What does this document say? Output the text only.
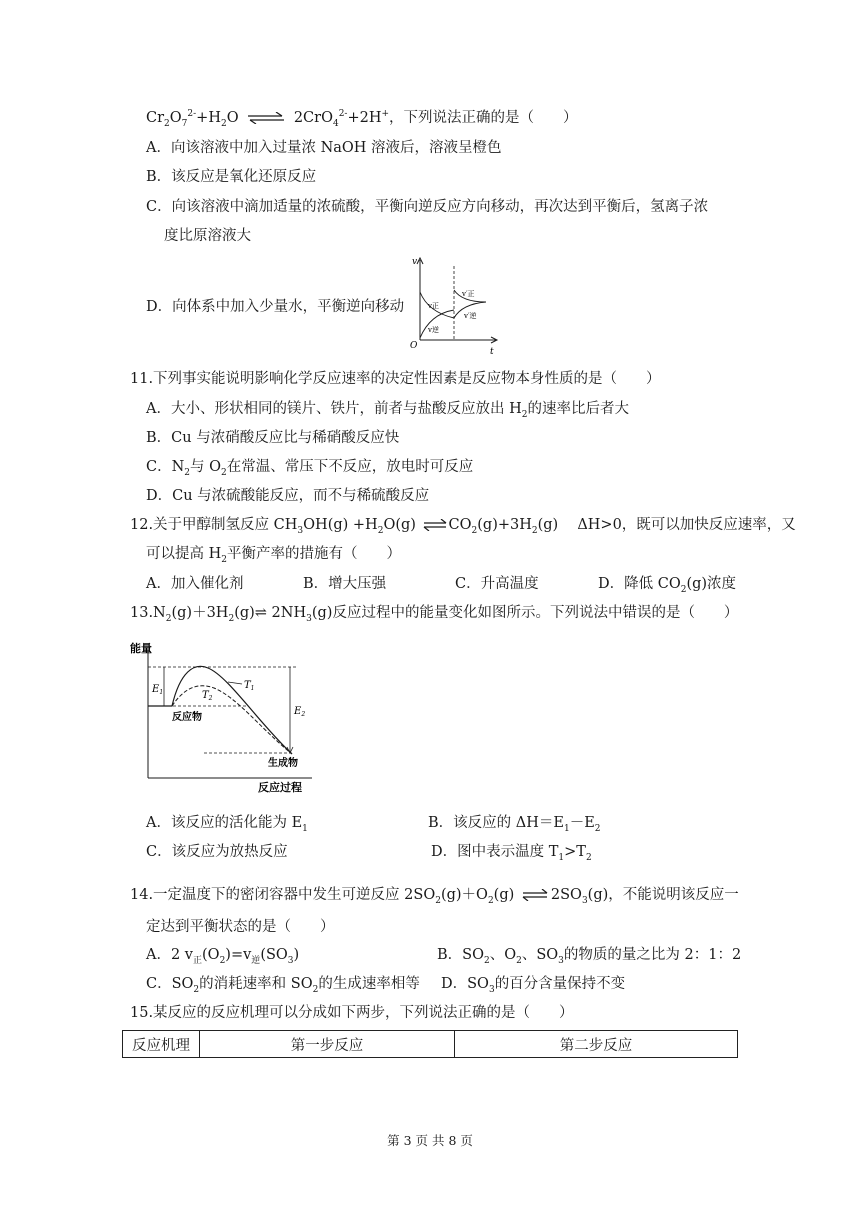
$Cr_2O_7^{2-}+H_2O$ ⇌ 2CrO$_4^{2-}$+2H+，下列说法正确的是（　　）
A．向该溶液中加入过量浓 NaOH 溶液后，溶液呈橙色
B．该反应是氧化还原反应
C．向该溶液中滴加适量的浓硫酸，平衡向逆反应方向移动，再次达到平衡后，氢离子浓
度比原溶液大
D．向体系中加入少量水，平衡逆向移动
v
t
O
v正
v逆
v′正
v′逆
11.下列事实能说明影响化学反应速率的决定性因素是反应物本身性质的是（　　）
A．大小、形状相同的镁片、铁片，前者与盐酸反应放出 $H_2$的速率比后者大
B．Cu 与浓硝酸反应比与稀硝酸反应快
C．$N_2$与 $O_2$在常温、常压下不反应，放电时可反应
D．Cu 与浓硫酸能反应，而不与稀硫酸反应
12.关于甲醇制氢反应 $CH_3OH(g) +H_2O(g)$ $\rightleftharpoons CO_2(g)+3H_2(g)$　 ΔH>0，既可以加快反应速率，又
可以提高 $H_2$平衡产率的措施有（　　）
A．加入催化剂	B．增大压强	C．升高温度	D．降低 $CO_2(g)$浓度
$13.N_2(g)+3H_2(g)\rightleftharpoons$ $2NH_3(g)$反应过程中的能量变化如图所示。下列说法中错误的是（　　）
能量
反应过程
反应物
生成物
$E_1$
$E_2$
$T_1$
$T_2$
A．该反应的活化能为 $E_1$	B．该反应的 $\Delta H=E_1-E_2$
C．该反应为放热反应	D．图中表示温度 $T_1>T_2$
14.一定温度下的密闭容器中发生可逆反应 $2SO_2(g)+O_2(g)$ ⇌ $2SO_3(g)$，不能说明该反应一
定达到平衡状态的是（　　）
A．2 $v_正(O_2)=v_逆(SO_3)$	B．$SO_2$、$O_2$、$SO_3$的物质的量之比为 2：1：2
C．$SO_2$的消耗速率和 $SO_2$的生成速率相等 D．$SO_3$的百分含量保持不变
15.某反应的反应机理可以分成如下两步，下列说法正确的是（　　）
反应机理	第一步反应	第二步反应
第 3 页 共 8 页
